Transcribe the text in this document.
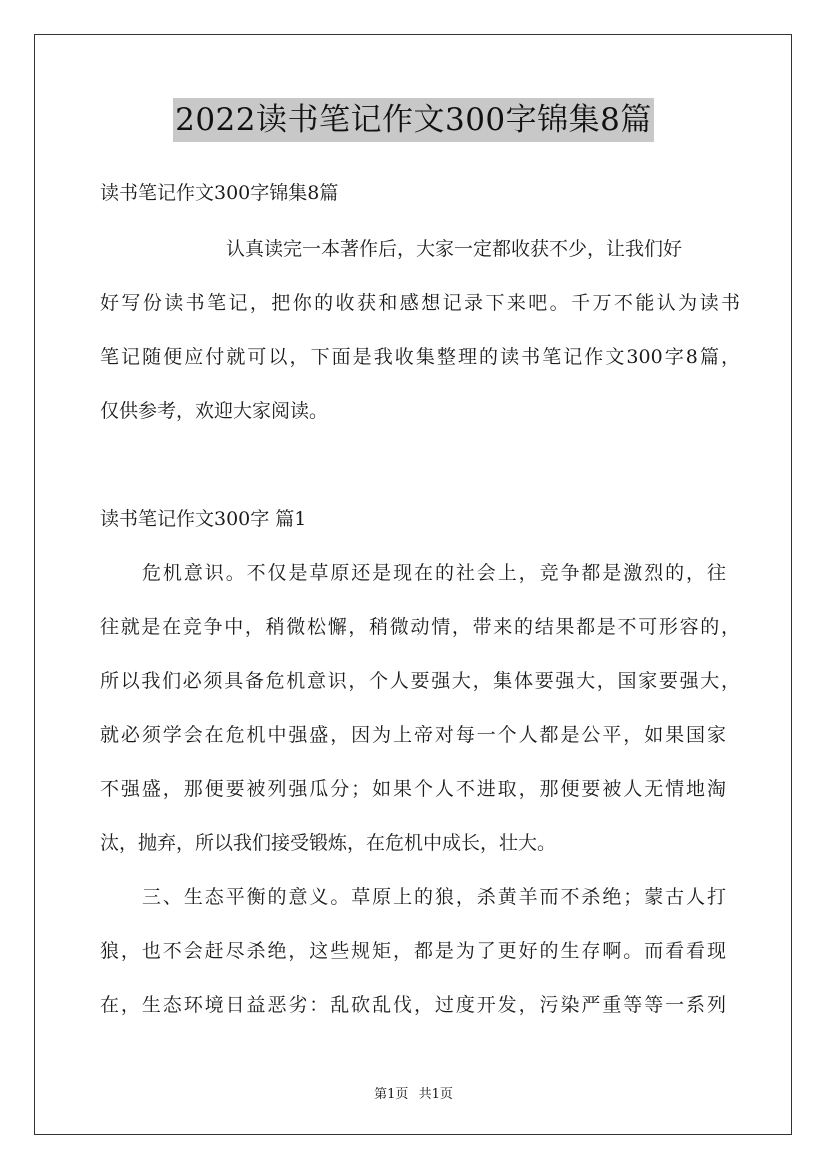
2022读书笔记作文300字锦集8篇
读书笔记作文300字锦集8篇
认真读完一本著作后，大家一定都收获不少，让我们好
好写份读书笔记，把你的收获和感想记录下来吧。千万不能认为读书
笔记随便应付就可以，下面是我收集整理的读书笔记作文300字8篇，
仅供参考，欢迎大家阅读。
读书笔记作文300字 篇1
危机意识。不仅是草原还是现在的社会上，竞争都是激烈的，往
往就是在竞争中，稍微松懈，稍微动情，带来的结果都是不可形容的，
所以我们必须具备危机意识，个人要强大，集体要强大，国家要强大，
就必须学会在危机中强盛，因为上帝对每一个人都是公平，如果国家
不强盛，那便要被列强瓜分；如果个人不进取，那便要被人无情地淘
汰，抛弃，所以我们接受锻炼，在危机中成长，壮大。
三、生态平衡的意义。草原上的狼，杀黄羊而不杀绝；蒙古人打
狼，也不会赶尽杀绝，这些规矩，都是为了更好的生存啊。而看看现
在，生态环境日益恶劣：乱砍乱伐，过度开发，污染严重等等一系列
第1页 共1页
